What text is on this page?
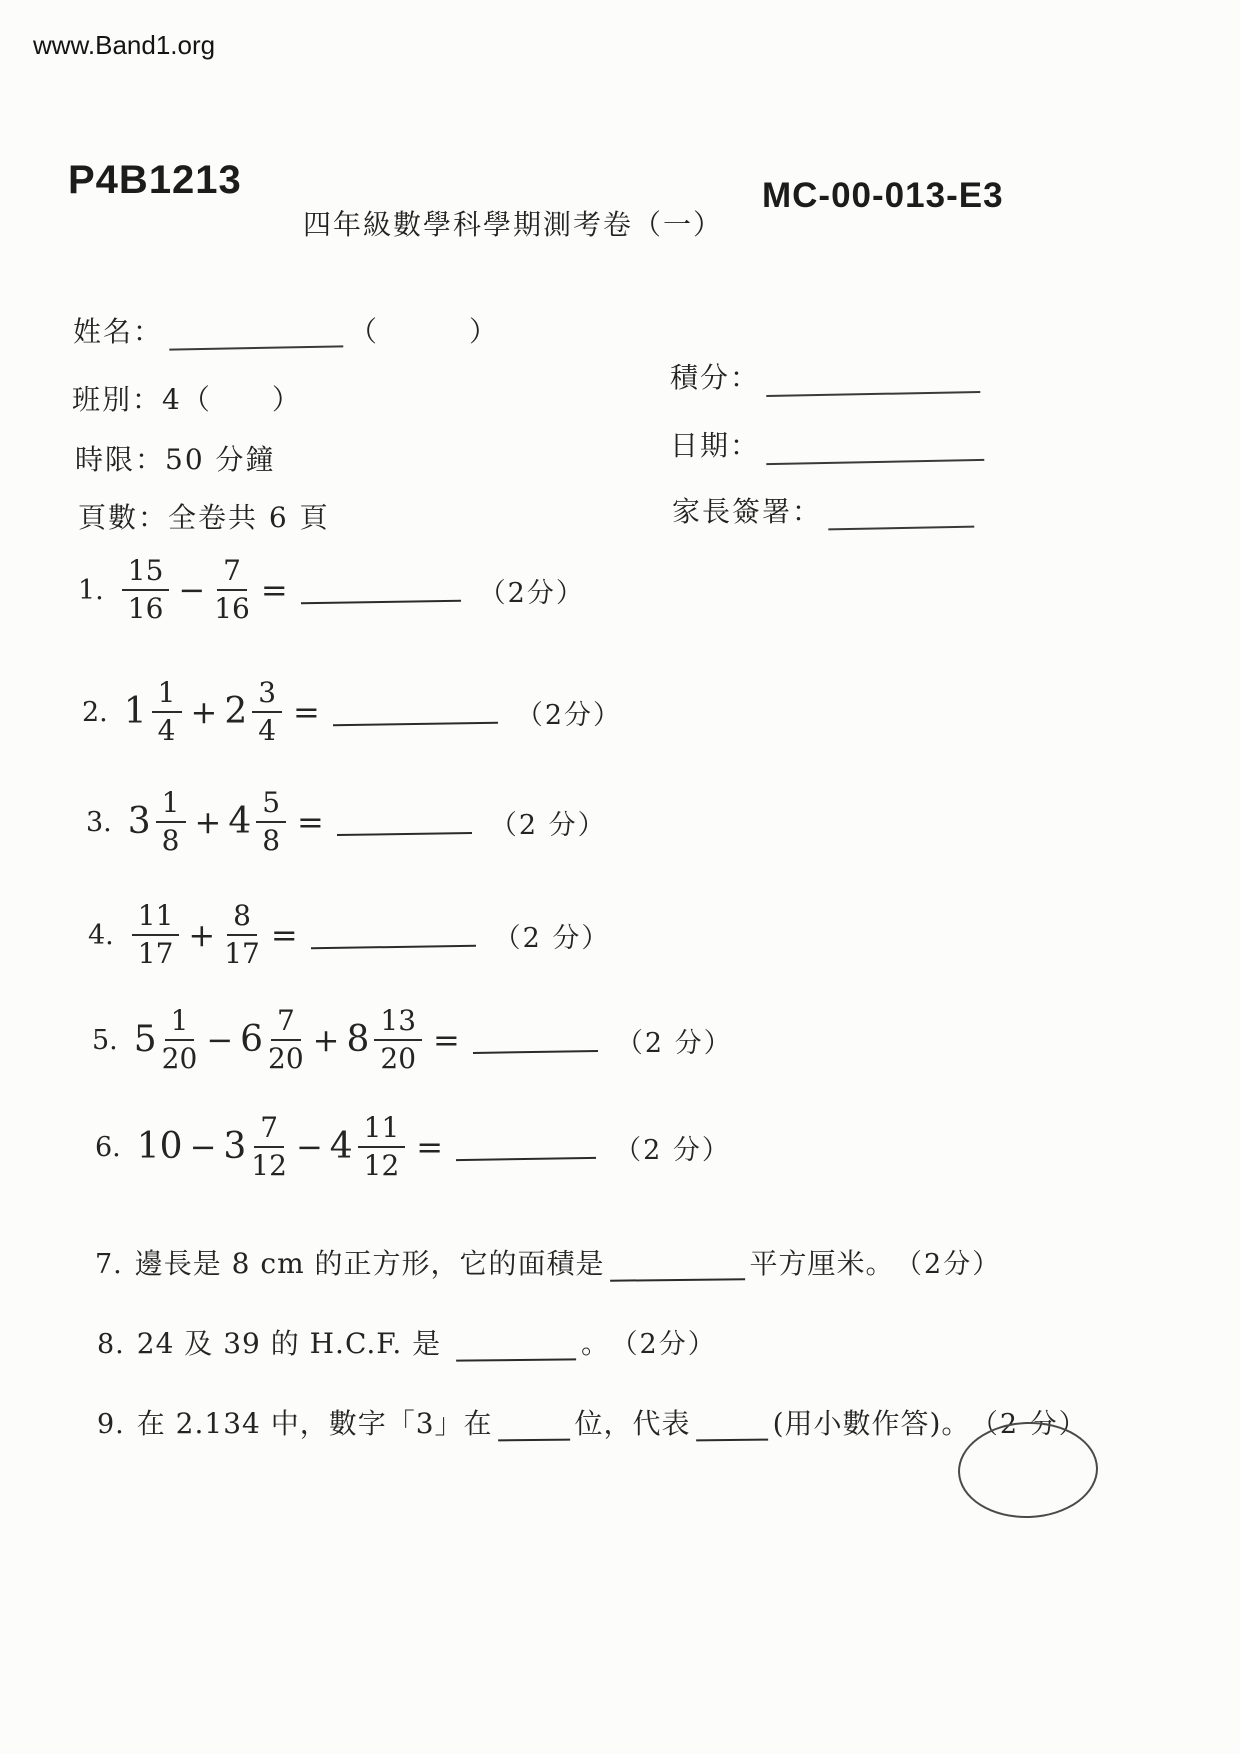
www.Band1.org
P4B1213	MC-00-013-E3
四年級數學科學期測考卷（一）
姓名：	（　　　）
班別：4（　　）
時限：50 分鐘
頁數：全卷共 6 頁
積分：
日期：
家長簽署：
1. $\frac{15}{16} - \frac{7}{16}$ =	（2分）
2. $1 \frac{1}{4} + 2 \frac{3}{4}$ =	（2分）
3. $3 \frac{1}{8} + 4 \frac{5}{8}$ =	（2 分）
4. $\frac{11}{17} + \frac{8}{17}$ =	（2 分）
5. $5 \frac{1}{20} - 6 \frac{7}{20} + 8 \frac{13}{20}$ =	（2 分）
6. $10 - 3 \frac{7}{12} - 4 \frac{11}{12}$ =	（2 分）
7. 邊長是 8 cm 的正方形，它的面積是	平方厘米。 （2分）
8. 24 及 39 的 H.C.F. 是	。 （2分）
9. 在 2.134 中，數字「3」在	位，代表	(用小數作答)。 （2 分）
